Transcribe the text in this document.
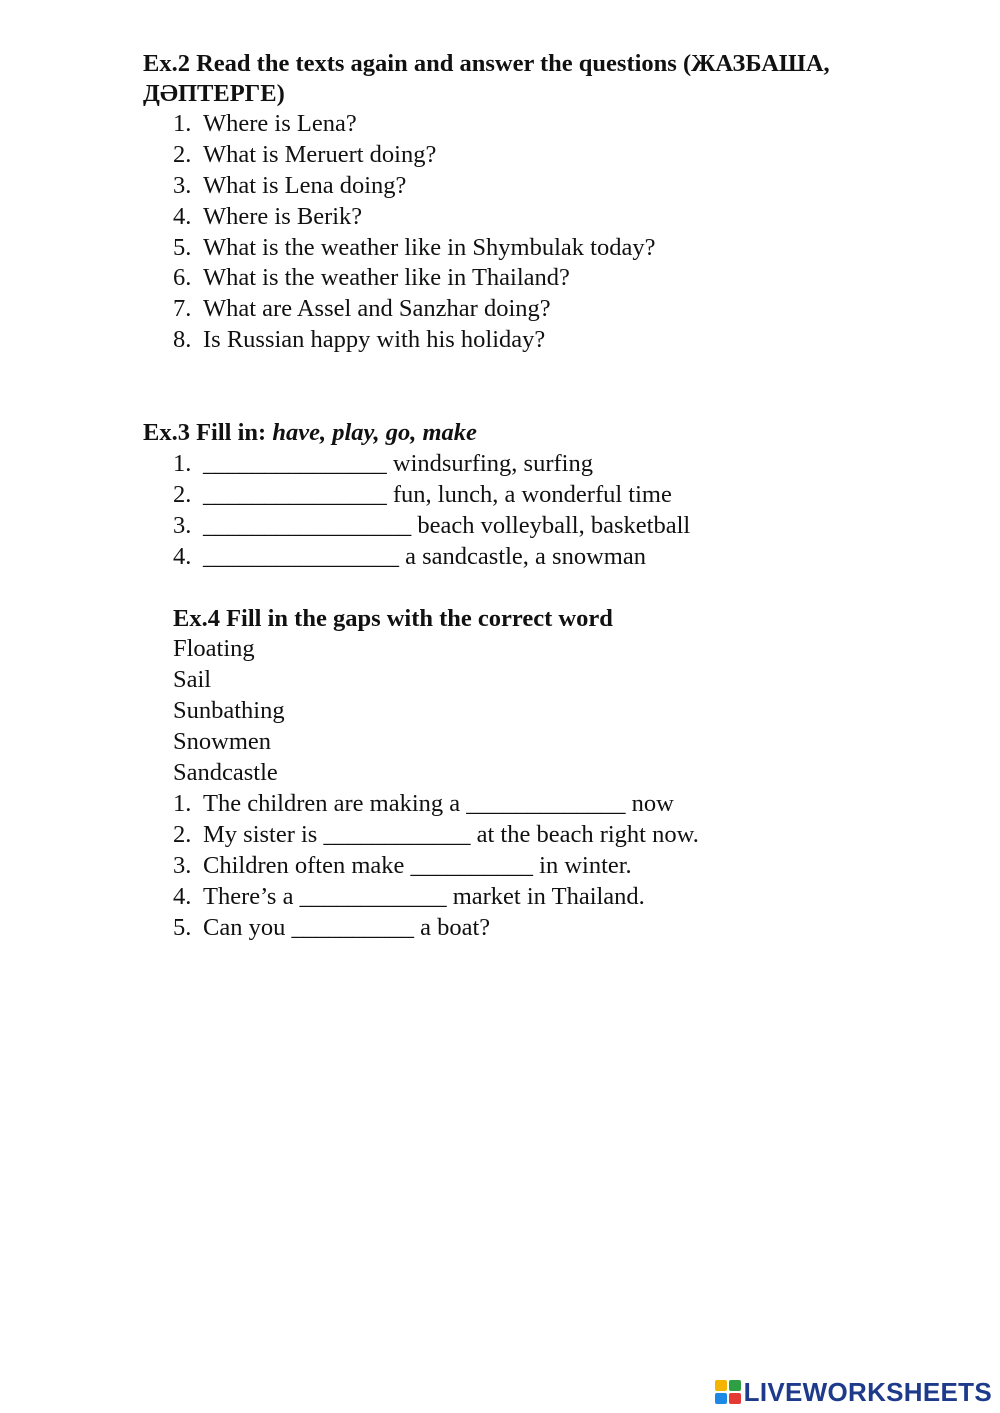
Ex.2 Read the texts again and answer the questions (ЖАЗБАША, ДӘПТЕРГЕ)
1. Where is Lena?
2. What is Meruert doing?
3. What is Lena doing?
4. Where is Berik?
5. What is the weather like in Shymbulak today?
6. What is the weather like in Thailand?
7. What are Assel and Sanzhar doing?
8. Is Russian happy with his holiday?
Ex.3 Fill in: have, play, go, make
1. _______________ windsurfing, surfing
2. _______________ fun, lunch, a wonderful time
3. _________________ beach volleyball, basketball
4. ________________ a sandcastle, a snowman
Ex.4 Fill in the gaps with the correct word
Floating
Sail
Sunbathing
Snowmen
Sandcastle
1. The children are making a _____________ now
2. My sister is ____________ at the beach right now.
3. Children often make __________ in winter.
4. There’s a ____________ market in Thailand.
5. Can you __________ a boat?
LIVEWORKSHEETS
